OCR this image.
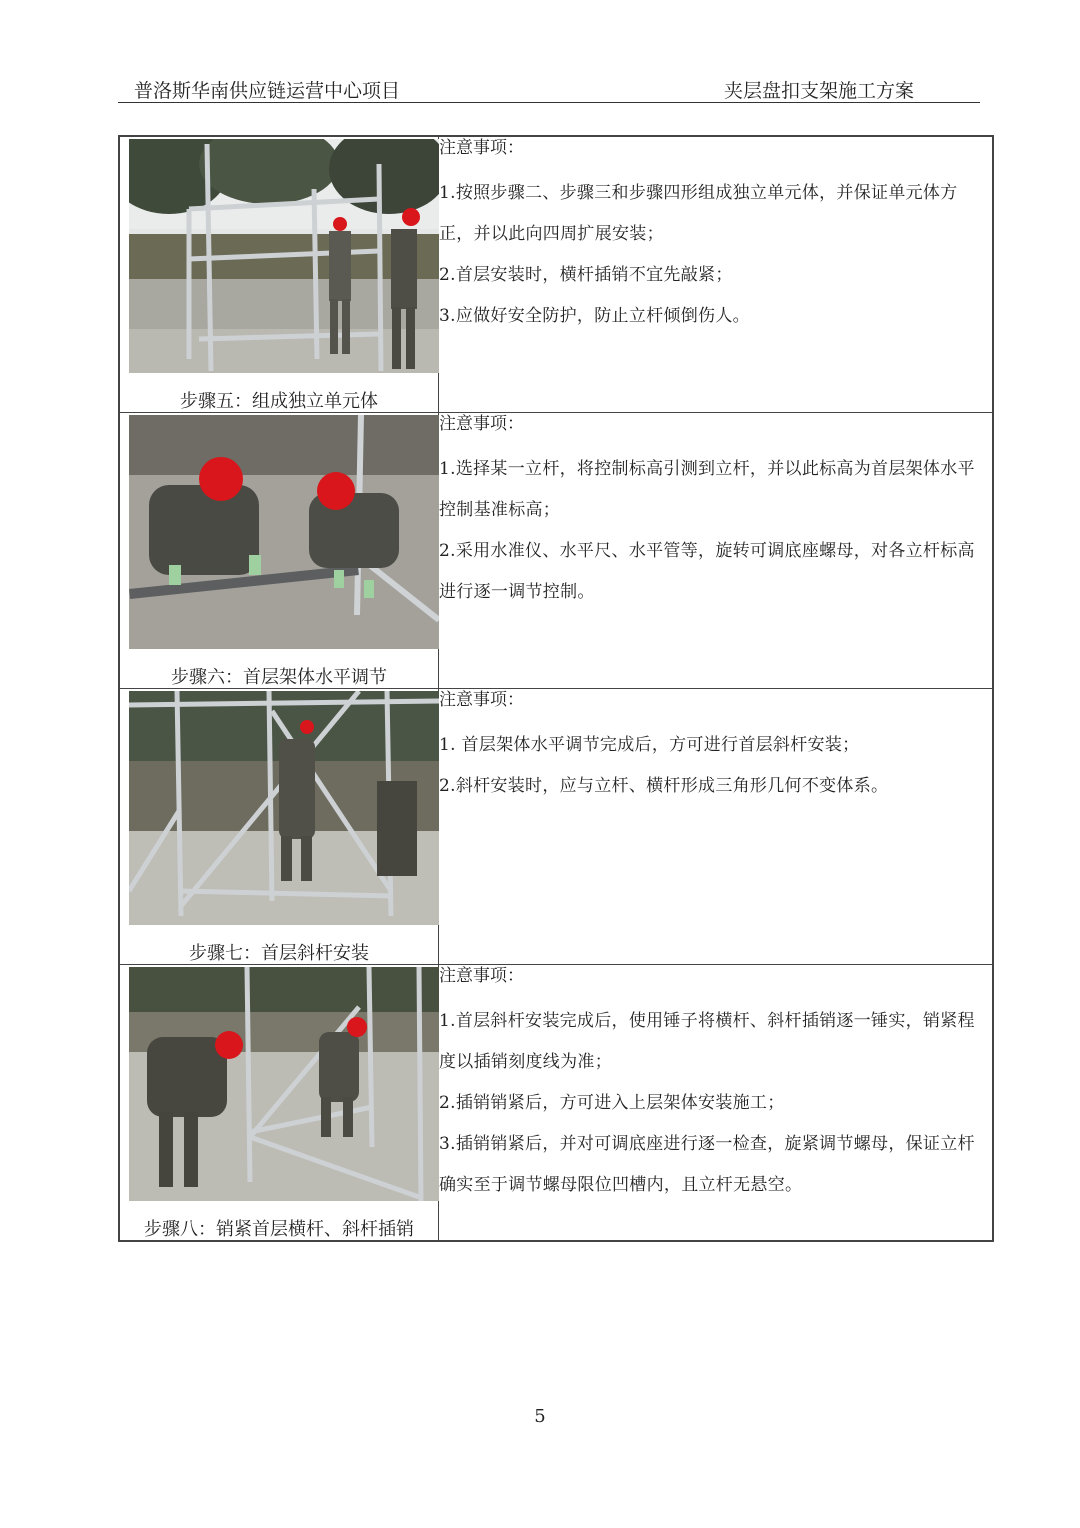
普洛斯华南供应链运营中心项目	夹层盘扣支架施工方案
步骤五：组成独立单元体	注意事项：
1.按照步骤二、步骤三和步骤四形组成独立单元体，并保证单元体方正，并以此向四周扩展安装；
2.首层安装时，横杆插销不宜先敲紧；
3.应做好安全防护，防止立杆倾倒伤人。

步骤六：首层架体水平调节	注意事项：
1.选择某一立杆，将控制标高引测到立杆，并以此标高为首层架体水平控制基准标高；
2.采用水准仪、水平尺、水平管等，旋转可调底座螺母，对各立杆标高进行逐一调节控制。

步骤七：首层斜杆安装	注意事项：
1. 首层架体水平调节完成后，方可进行首层斜杆安装；
2.斜杆安装时，应与立杆、横杆形成三角形几何不变体系。

步骤八：销紧首层横杆、斜杆插销	注意事项：
1.首层斜杆安装完成后，使用锤子将横杆、斜杆插销逐一锤实，销紧程度以插销刻度线为准；
2.插销销紧后，方可进入上层架体安装施工；
3.插销销紧后，并对可调底座进行逐一检查，旋紧调节螺母，保证立杆确实至于调节螺母限位凹槽内，且立杆无悬空。
5
